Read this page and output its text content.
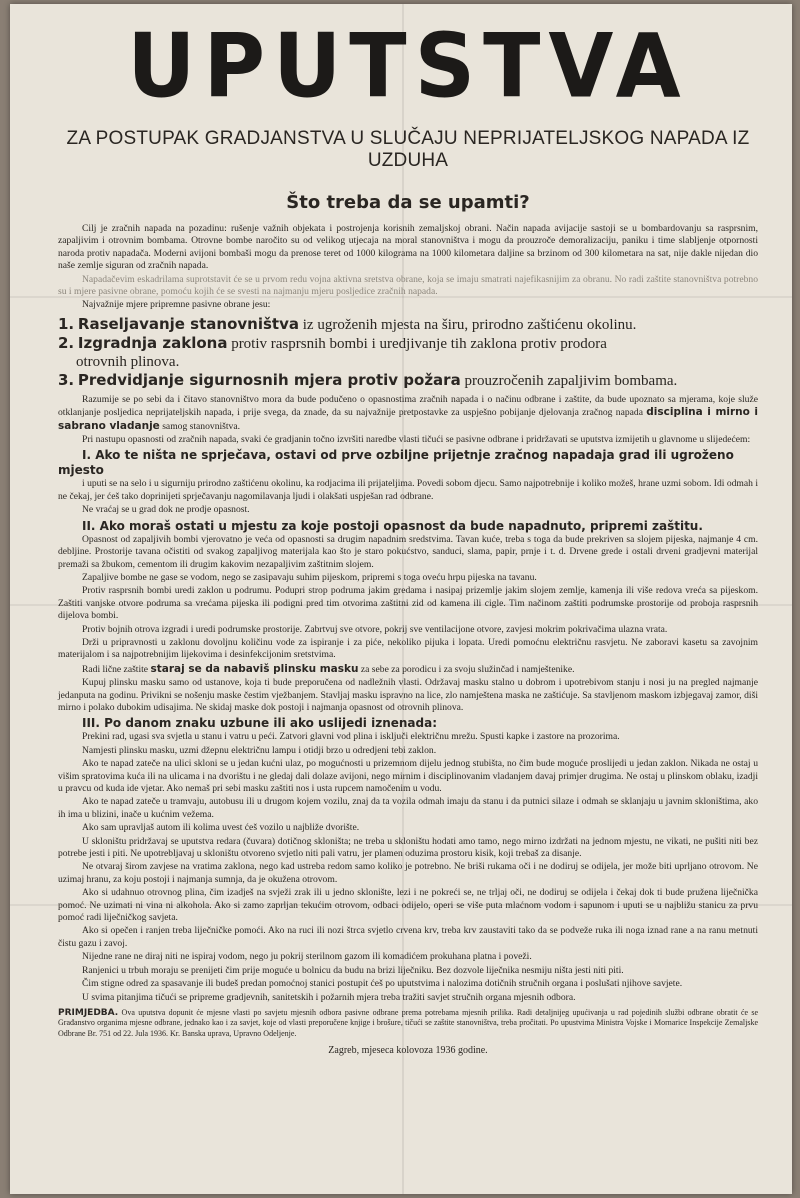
UPUTSTVA
ZA POSTUPAK GRADJANSTVA U SLUČAJU NEPRIJATELJSKOG NAPADA IZ UZDUHA
Što treba da se upamti?

Cilj je zračnih napada na pozadinu: rušenje važnih objekata i postrojenja korisnih zemaljskoj obrani. Način napada avijacije sastoji se u bombardovanju sa rasprsnim, zapaljivim i otrovnim bombama. Otrovne bombe naročito su od velikog utjecaja na moral stanovništva i mogu da prouzroče demoralizaciju, paniku i time slabljenje otpornosti naroda protiv napadača. Moderni avijoni bombaši mogu da prenose teret od 1000 kilograma na 1000 kilometara daljine sa brzinom od 300 kilometara na sat, nije dakle nijedan dio naše zemlje siguran od zračnih napada.

Napadačevim eskadrilama suprotstavit će se u prvom redu vojna aktivna sretstva obrane, koja se imaju smatrati najefikasnijim za obranu. No radi zaštite stanovništva potrebno su i mjere pasivne obrane, pomoću kojih će se svesti na najmanju mjeru posljedice zračnih napada.

Najvažnije mjere pripremne pasivne obrane jesu:

1. Raseljavanje stanovništva iz ugroženih mjesta na širu, prirodno zaštićenu okolinu.
2. Izgradnja zaklona protiv rasprsnih bombi i uredjivanje tih zaklona protiv prodora
otrovnih plinova.
3. Predvidjanje sigurnosnih mjera protiv požara prouzročenih zapaljivim bombama.

Razumije se po sebi da i čitavo stanovništvo mora da bude podučeno o opasnostima zračnih napada i o načinu odbrane i zaštite, da bude upoznato sa mjerama, koje služe otklanjanje posljedica neprijateljskih napada, i prije svega, da znade, da su najvažnije pretpostavke za uspješno pobijanje djelovanja zračnog napada disciplina i mirno i sabrano vladanje samog stanovništva.

Pri nastupu opasnosti od zračnih napada, svaki će gradjanin točno izvršiti naredbe vlasti tičući se pasivne odbrane i pridržavati se uputstva izmijetih u glavnome u slijedećem:

I. Ako te ništa ne sprječava, ostavi od prve ozbiljne prijetnje zračnog napadaja grad ili ugroženo mjesto

i uputi se na selo i u sigurniju prirodno zaštićenu okolinu, ka rodjacima ili prijateljima. Povedi sobom djecu. Samo najpotrebnije i koliko možeš, hrane uzmi sobom. Idi odmah i ne čekaj, jer ćeš tako doprinijeti sprječavanju nagomilavanja ljudi i olakšati uspješan rad odbrane.

Ne vraćaj se u grad dok ne prodje opasnost.

II. Ako moraš ostati u mjestu za koje postoji opasnost da bude napadnuto, pripremi zaštitu.

Opasnost od zapaljivih bombi vjerovatno je veća od opasnosti sa drugim napadnim sredstvima. Tavan kuće, treba s toga da bude prekriven sa slojem pijeska, najmanje 4 cm. debljine. Prostorije tavana očistiti od svakog zapaljivog materijala kao što je staro pokućstvo, sanduci, slama, papir, prnje i t. d. Drvene grede i ostali drveni gradjevni materijal premaži sa žbukom, cementom ili drugim kakovim nezapaljivim zaštitnim slojem.

Zapaljive bombe ne gase se vodom, nego se zasipavaju suhim pijeskom, pripremi s toga oveću hrpu pijeska na tavanu.

Protiv rasprsnih bombi uredi zaklon u podrumu. Podupri strop podruma jakim gredama i nasipaj prizemlje jakim slojem zemlje, kamenja ili više redova vreća sa pijeskom. Zaštiti vanjske otvore podruma sa vrećama pijeska ili podigni pred tim otvorima zaštitni zid od kamena ili cigle. Tim načinom zaštiti podrumske prostorije od proboja rasprsnih dijelova bombi.

Protiv bojnih otrova izgradi i uredi podrumske prostorije. Zabrtvuj sve otvore, pokrij sve ventilacijone otvore, zavjesi mokrim pokrivačima ulazna vrata.

Drži u pripravnosti u zaklonu dovoljnu količinu vode za ispiranje i za piće, nekoliko pijuka i lopata. Uredi pomoćnu električnu rasvjetu. Ne zaboravi kasetu sa zavojnim materijalom i sa najpotrebnijim lijekovima i desinfekcijonim sretstvima.

Radi lične zaštite staraj se da nabaviš plinsku masku za sebe za porodicu i za svoju služinčad i namještenike.

Kupuj plinsku masku samo od ustanove, koja ti bude preporučena od nadležnih vlasti. Održavaj masku stalno u dobrom i upotrebivom stanju i nosi ju na pregled najmanje jedanputa na godinu. Privikni se nošenju maske čestim vježbanjem. Stavljaj masku ispravno na lice, zlo namještena maska ne zaštićuje. Sa stavljenom maskom izbjegavaj zamor, diši mirno i polako dubokim udisajima. Ne skidaj maske dok postoji i najmanja opasnost od otrovnih plinova.

III. Po danom znaku uzbune ili ako uslijedi iznenada:

Prekini rad, ugasi sva svjetla u stanu i vatru u peći. Zatvori glavni vod plina i isključi električnu mrežu. Spusti kapke i zastore na prozorima.

Namjesti plinsku masku, uzmi džepnu električnu lampu i otidji brzo u odredjeni tebi zaklon.

Ako te napad zatečе na ulici skloni se u jedan kućni ulaz, po mogućnosti u prizemnom dijelu jednog stubišta, no čim bude moguće proslijedi u jedan zaklon. Nikada ne ostaj u višim spratovima kuća ili na ulicama i na dvorištu i ne gledaj dali dolaze avijoni, nego mirnim i disciplinovanim vladanjem davaj primjer drugima. Ne ostaj u plinskom oblaku, izadji u pravcu od kuda ide vjetar. Ako nemaš pri sebi masku zaštiti nos i usta rupcem namočenim u vodu.

Ako te napad zatečе u tramvaju, autobusu ili u drugom kojem vozilu, znaj da ta vozila odmah imaju da stanu i da putnici silaze i odmah se sklanjaju u javnim skloništima, ako ih ima u blizini, inače u kućnim vežema.

Ako sam upravljaš autom ili kolima uvest ćeš vozilo u najbliže dvorište.

U skloništu pridržavaj se uputstva redara (čuvara) dotičnog skloništa; ne treba u skloništu hodati amo tamo, nego mirno izdržati na jednom mjestu, ne vikati, ne pušiti niti bez potrebe jesti i piti. Ne upotrebljavaj u skloništu otvoreno svjetlo niti pali vatru, jer plamen oduzima prostoru kisik, koji trebaš za disanje.

Ne otvaraj širom zavjese na vratima zaklona, nego kad ustreba redom samo koliko je potrebno. Ne briši rukama oči i ne dodiruj se odijela, jer može biti uprljano otrovom. Ne uzimaj hranu, za koju postoji i najmanja sumnja, da je okužena otrovom.

Ako si udahnuo otrovnog plina, čim izadješ na svježi zrak ili u jedno sklonište, lezi i ne pokreći se, ne trljaj oči, ne dodiruj se odijela i čekaj dok ti bude pružena liječnička pomoć. Ne uzimati ni vina ni alkohola. Ako si zamo zaprljan tekućim otrovom, odbaci odijelo, operi se više puta mlaćnom vodom i sapunom i uputi se u najbližu stanicu za prvu pomoć radi liječničkog savjeta.

Ako si opečen i ranjen treba liječničke pomoći. Ako na ruci ili nozi štrca svjetlo crvena krv, treba krv zaustaviti tako da se podveže ruka ili noga iznad rane a na ranu metnuti čistu gazu i zavoj.

Nijedne rane ne diraj niti ne ispiraj vodom, nego ju pokrij sterilnom gazom ili komadićem prokuhana platna i poveži.

Ranjenici u trbuh moraju se prenijeti čim prije moguće u bolnicu da budu na brizi liječniku. Bez dozvole liječnika nesmiju ništa jesti niti piti.

Čim stigne odred za spasavanje ili budeš predan pomoćnoj stanici postupit ćeš po uputstvima i nalozima dotičnih stručnih organa i poslušati njihove savjete.

U svima pitanjima tičući se pripreme gradjevnih, sanitetskih i požarnih mjera treba tražiti savjet stručnih organa mjesnih odbora.

PRIMJEDBA. Ova uputstva dopunit će mjesne vlasti po savjetu mjesnih odbora pasivne odbrane prema potrebama mjesnih prilika. Radi detaljnijeg upućivanja u rad pojedinih službi odbrane obratit će se Građanstvo organima mjesne odbrane, jednako kao i za savjet, koje od vlasti preporučene knjige i brošure, tičući se zaštite stanovništva, treba pročitati. Po upustvima Ministra Vojske i Mornarice Inspekcije Zemaljske Odbrane Br. 751 od 22. Jula 1936. Kr. Banska uprava, Upravno Odeljenje.

Zagreb, mjeseca kolovoza 1936 godine.
